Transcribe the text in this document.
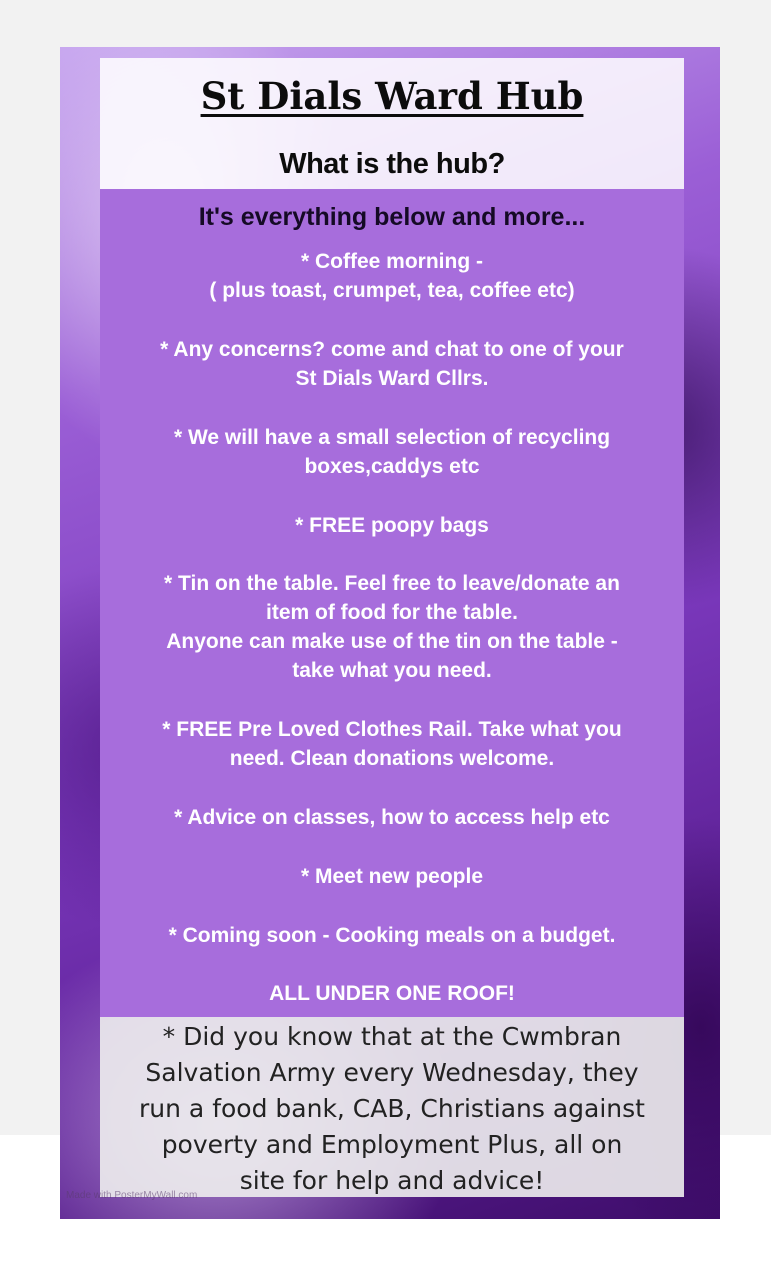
St Dials Ward Hub
What is the hub?

It's everything below and more...

* Coffee morning -
( plus toast, crumpet, tea, coffee etc)

* Any concerns? come and chat to one of your
St Dials Ward Cllrs.

* We will have a small selection of recycling
boxes,caddys etc

* FREE poopy bags

* Tin on the table. Feel free to leave/donate an
item of food for the table.
Anyone can make use of the tin on the table -
take what you need.

* FREE Pre Loved Clothes Rail. Take what you
need. Clean donations welcome.

* Advice on classes, how to access help etc

* Meet new people

* Coming soon - Cooking meals on a budget.

ALL UNDER ONE ROOF!

* Did you know that at the Cwmbran
Salvation Army every Wednesday, they
run a food bank, CAB, Christians against
poverty and Employment Plus, all on
site for help and advice!

Made with PosterMyWall.com
